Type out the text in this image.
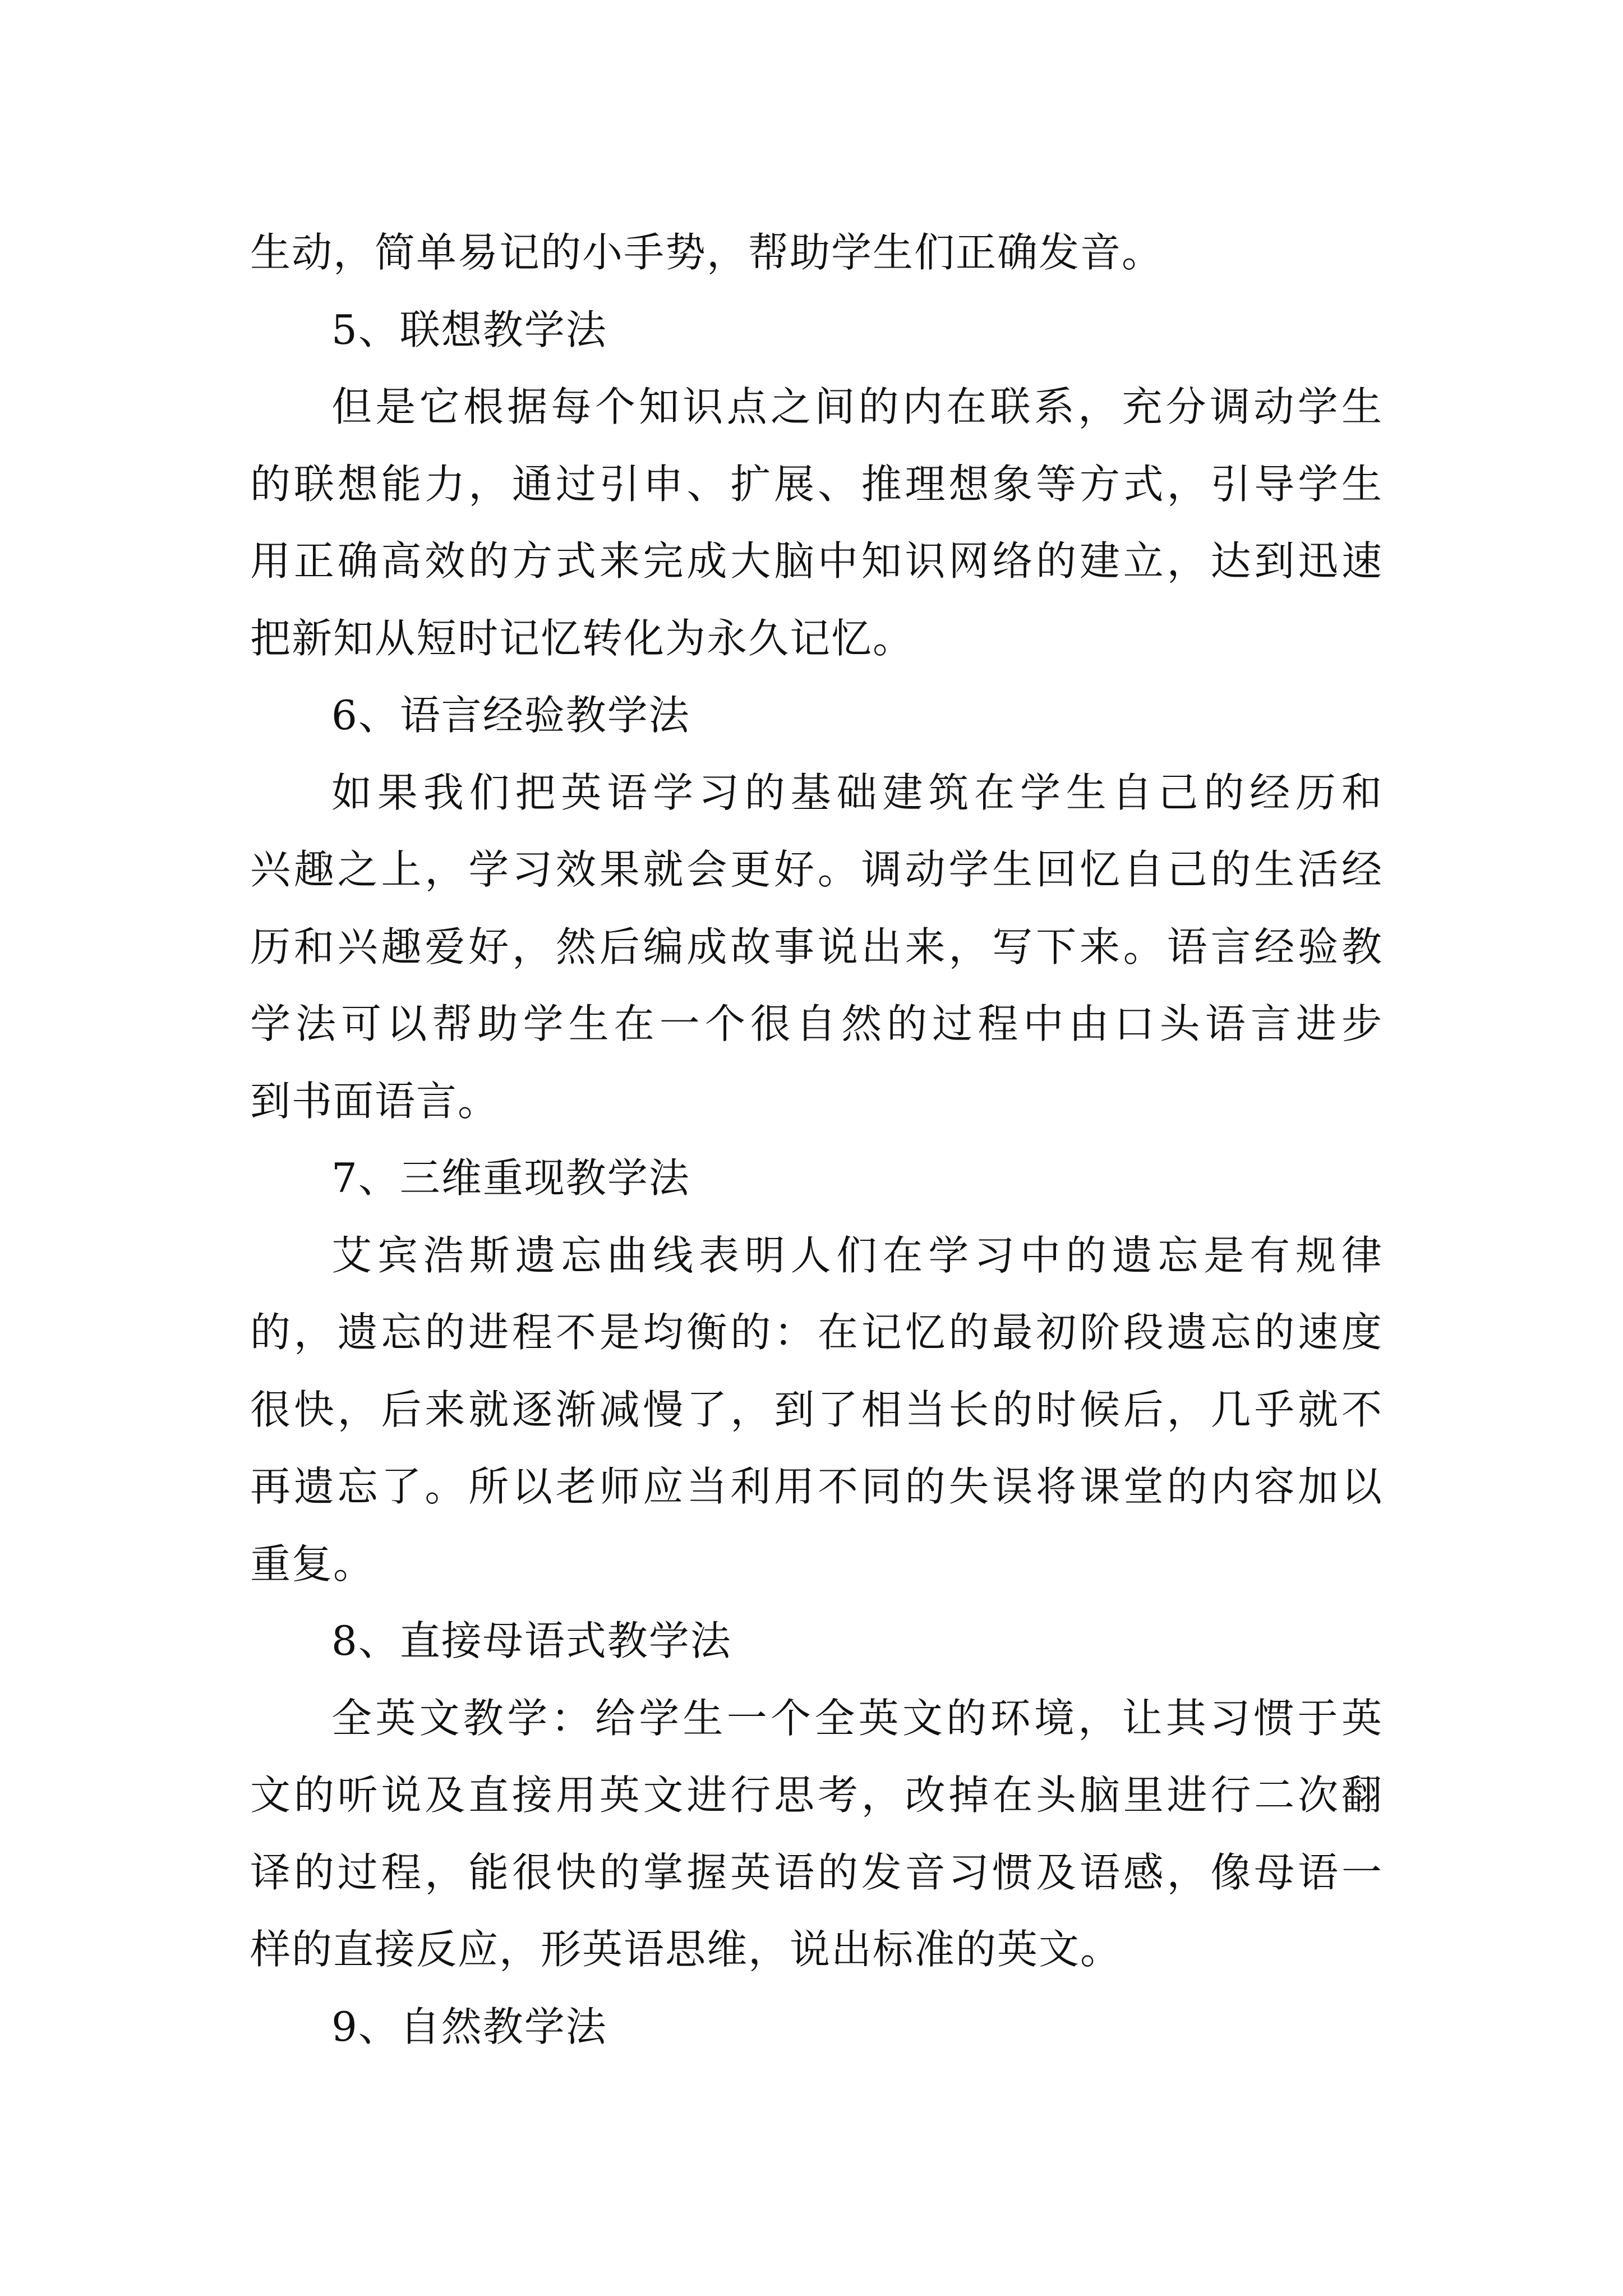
生动，简单易记的小手势，帮助学生们正确发音。
5、联想教学法
但是它根据每个知识点之间的内在联系，充分调动学生
的联想能力，通过引申、扩展、推理想象等方式，引导学生
用正确高效的方式来完成大脑中知识网络的建立，达到迅速
把新知从短时记忆转化为永久记忆。
6、语言经验教学法
如果我们把英语学习的基础建筑在学生自己的经历和
兴趣之上，学习效果就会更好。调动学生回忆自己的生活经
历和兴趣爱好，然后编成故事说出来，写下来。语言经验教
学法可以帮助学生在一个很自然的过程中由口头语言进步
到书面语言。
7、三维重现教学法
艾宾浩斯遗忘曲线表明人们在学习中的遗忘是有规律
的，遗忘的进程不是均衡的：在记忆的最初阶段遗忘的速度
很快，后来就逐渐减慢了，到了相当长的时候后，几乎就不
再遗忘了。所以老师应当利用不同的失误将课堂的内容加以
重复。
8、直接母语式教学法
全英文教学：给学生一个全英文的环境，让其习惯于英
文的听说及直接用英文进行思考，改掉在头脑里进行二次翻
译的过程，能很快的掌握英语的发音习惯及语感，像母语一
样的直接反应，形英语思维，说出标准的英文。
9、自然教学法
